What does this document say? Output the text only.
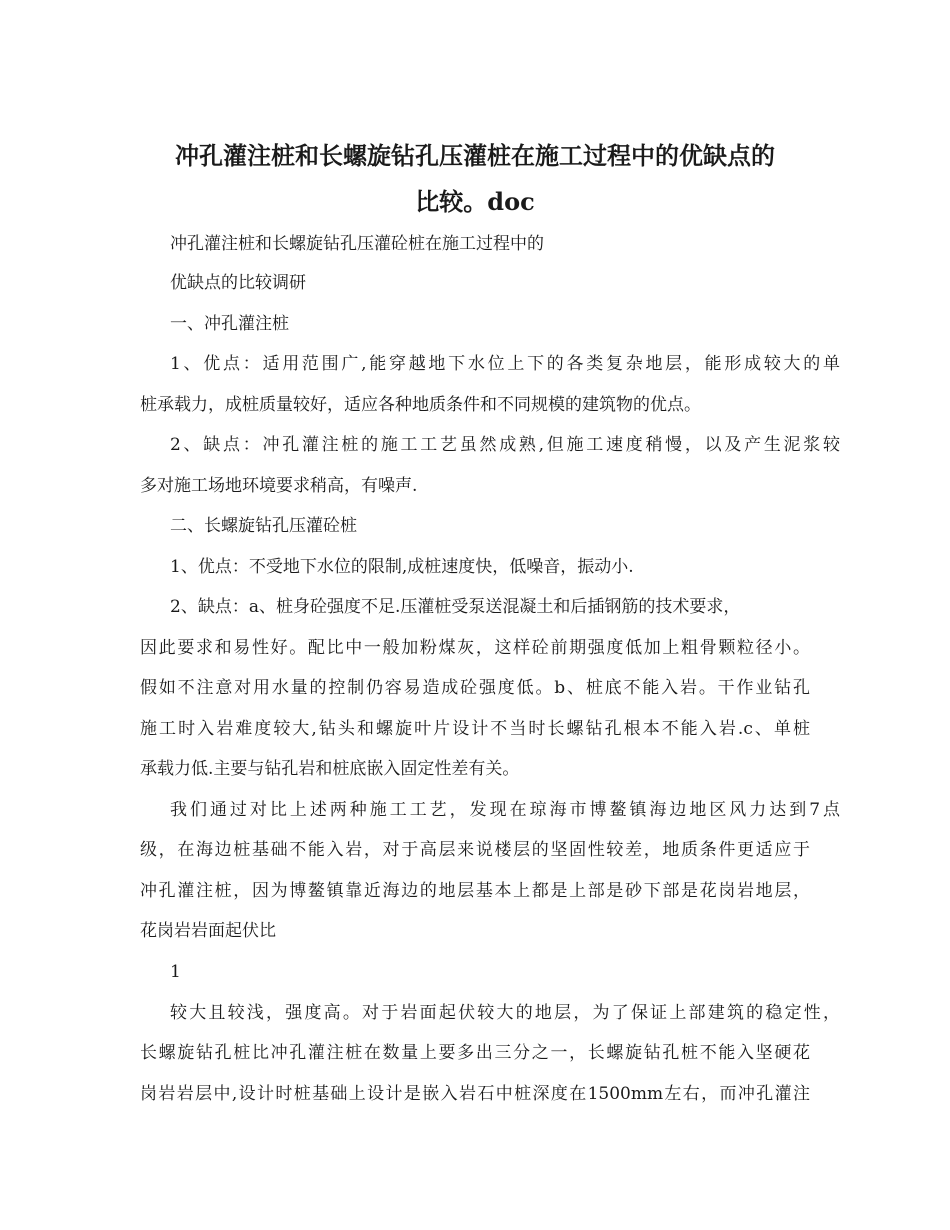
冲孔灌注桩和长螺旋钻孔压灌桩在施工过程中的优缺点的
比较。doc

冲孔灌注桩和长螺旋钻孔压灌砼桩在施工过程中的

优缺点的比较调研

一、冲孔灌注桩

1、优点：适用范围广,能穿越地下水位上下的各类复杂地层，能形成较大的单

桩承载力，成桩质量较好，适应各种地质条件和不同规模的建筑物的优点。

2、缺点：冲孔灌注桩的施工工艺虽然成熟,但施工速度稍慢，以及产生泥浆较

多对施工场地环境要求稍高，有噪声.

二、长螺旋钻孔压灌砼桩

1、优点：不受地下水位的限制,成桩速度快，低噪音，振动小.

2、缺点：a、桩身砼强度不足.压灌桩受泵送混凝土和后插钢筋的技术要求，

因此要求和易性好。配比中一般加粉煤灰，这样砼前期强度低加上粗骨颗粒径小。

假如不注意对用水量的控制仍容易造成砼强度低。b、桩底不能入岩。干作业钻孔

施工时入岩难度较大,钻头和螺旋叶片设计不当时长螺钻孔根本不能入岩.c、单桩

承载力低.主要与钻孔岩和桩底嵌入固定性差有关。

我们通过对比上述两种施工工艺，发现在琼海市博鳌镇海边地区风力达到7点

级，在海边桩基础不能入岩，对于高层来说楼层的坚固性较差，地质条件更适应于

冲孔灌注桩，因为博鳌镇靠近海边的地层基本上都是上部是砂下部是花岗岩地层，

花岗岩岩面起伏比

1

较大且较浅，强度高。对于岩面起伏较大的地层，为了保证上部建筑的稳定性，

长螺旋钻孔桩比冲孔灌注桩在数量上要多出三分之一，长螺旋钻孔桩不能入坚硬花

岗岩岩层中,设计时桩基础上设计是嵌入岩石中桩深度在1500mm左右，而冲孔灌注
